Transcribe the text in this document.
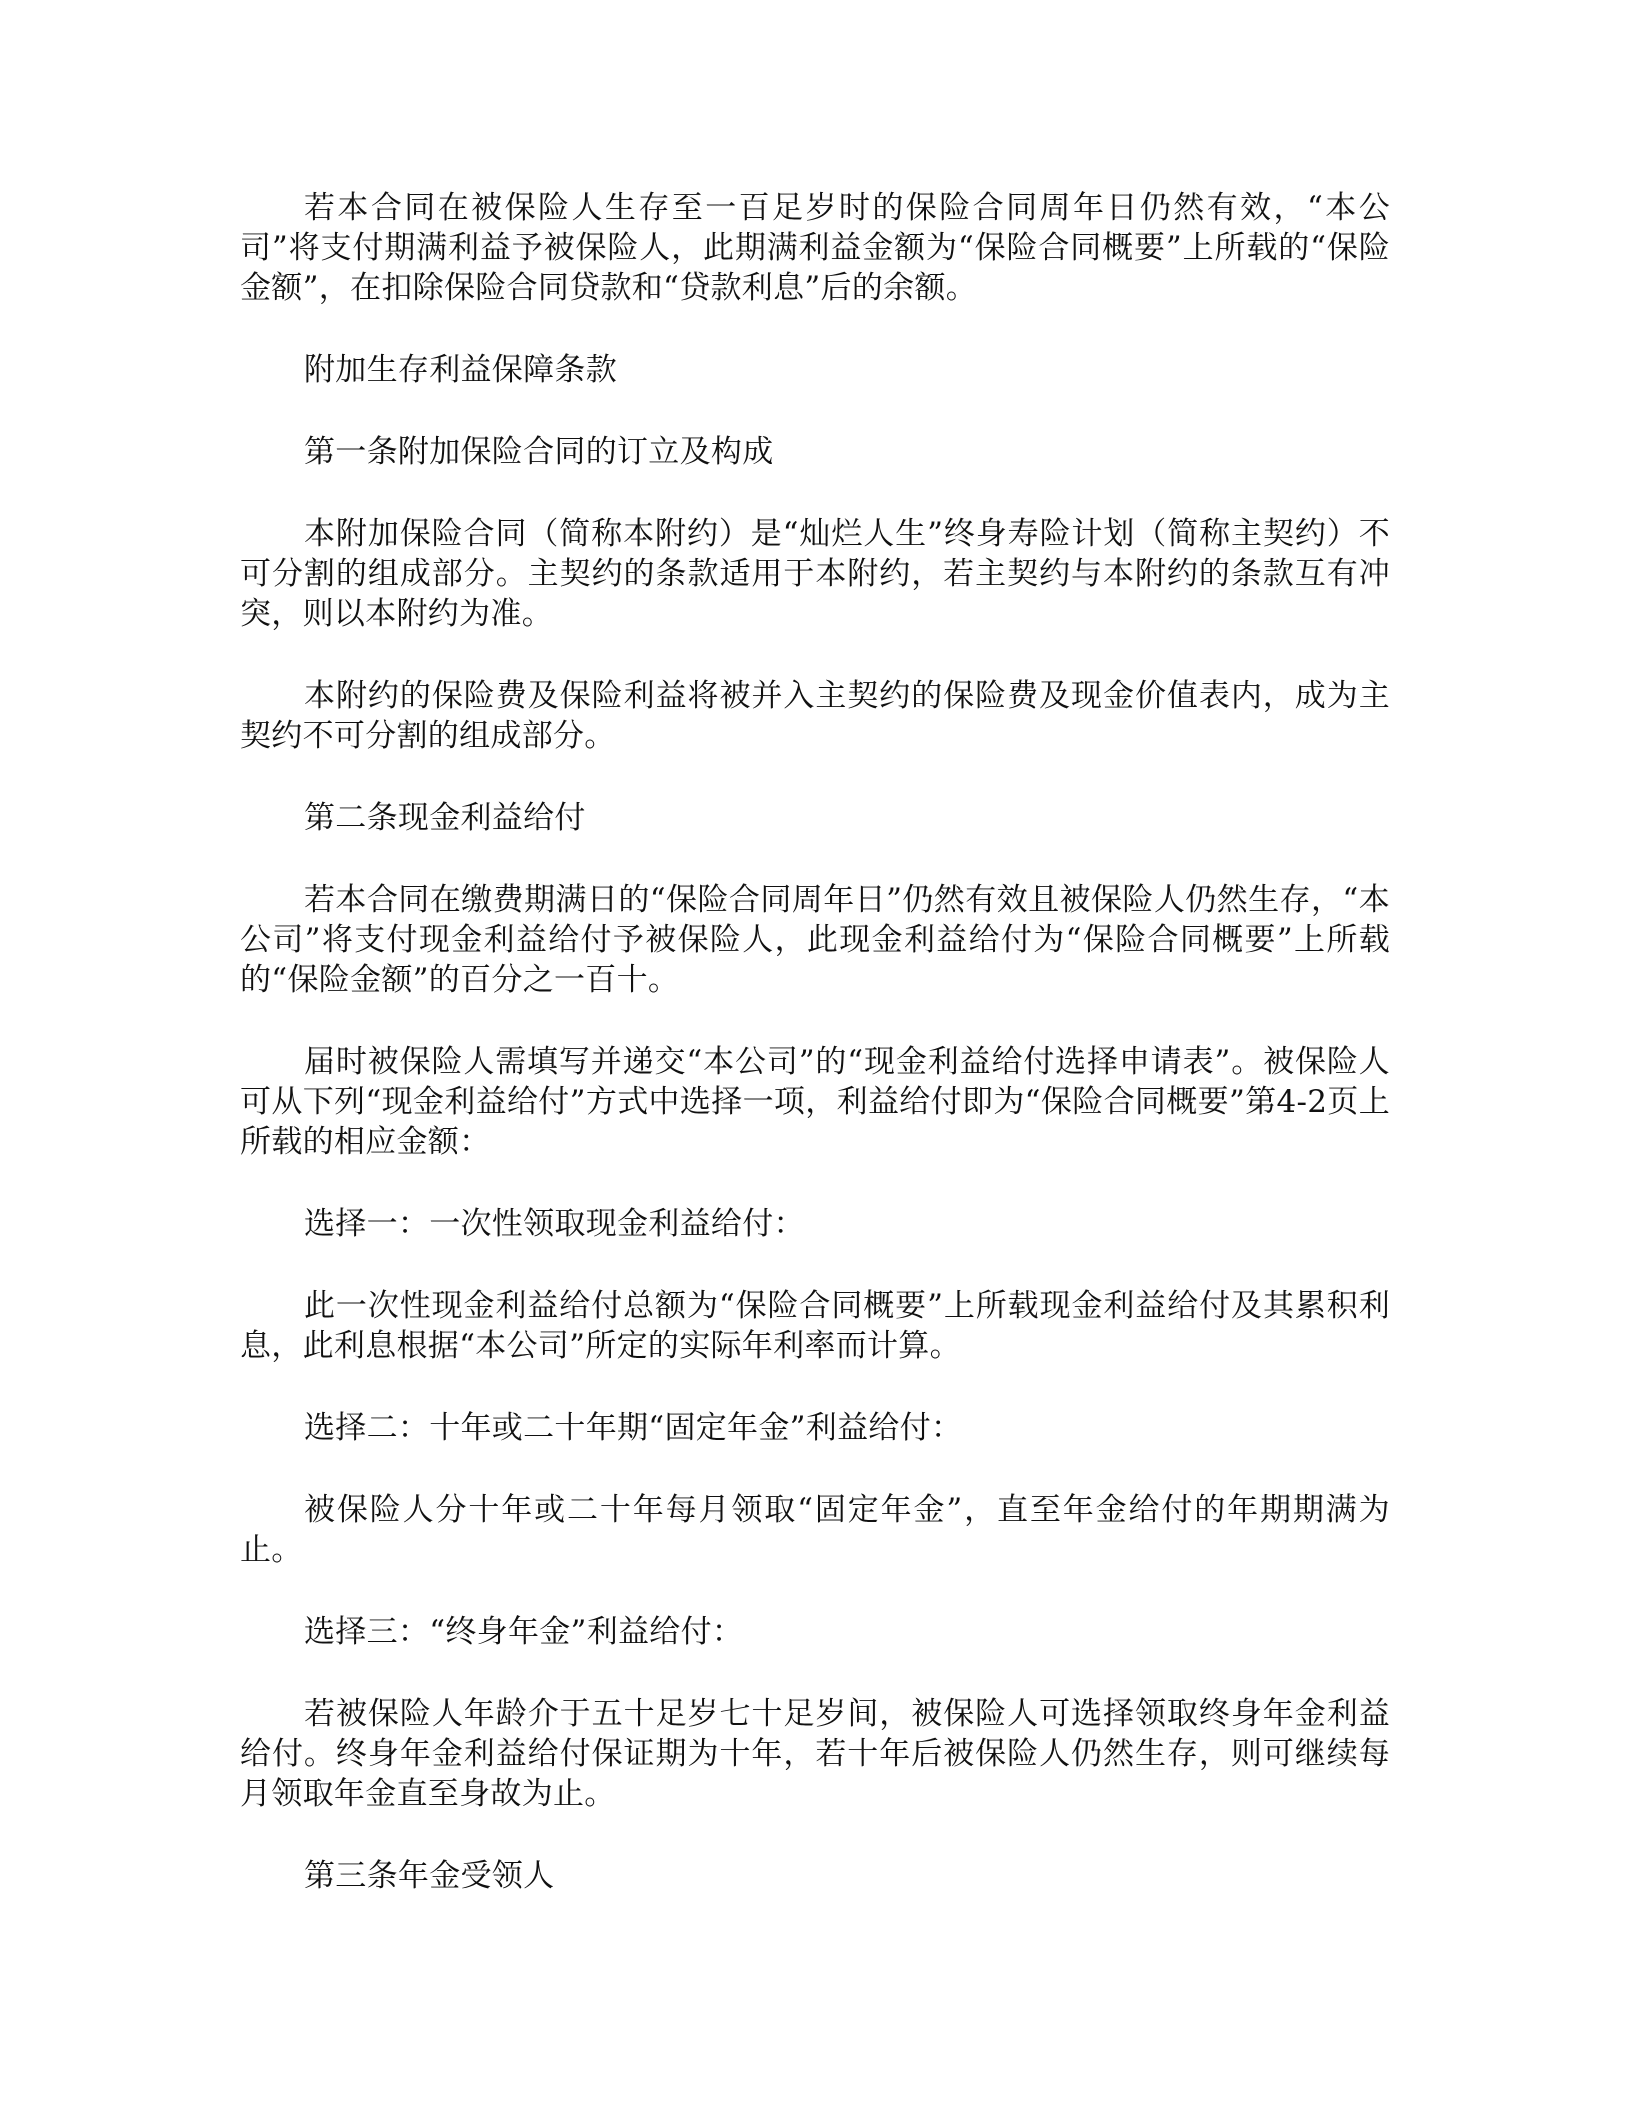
若本合同在被保险人生存至一百足岁时的保险合同周年日仍然有效，“本公司”将支付期满利益予被保险人，此期满利益金额为“保险合同概要”上所载的“保险金额”，在扣除保险合同贷款和“贷款利息”后的余额。

附加生存利益保障条款

第一条附加保险合同的订立及构成

本附加保险合同（简称本附约）是“灿烂人生”终身寿险计划（简称主契约）不可分割的组成部分。主契约的条款适用于本附约，若主契约与本附约的条款互有冲突，则以本附约为准。

本附约的保险费及保险利益将被并入主契约的保险费及现金价值表内，成为主契约不可分割的组成部分。

第二条现金利益给付

若本合同在缴费期满日的“保险合同周年日”仍然有效且被保险人仍然生存，“本公司”将支付现金利益给付予被保险人，此现金利益给付为“保险合同概要”上所载的“保险金额”的百分之一百十。

届时被保险人需填写并递交“本公司”的“现金利益给付选择申请表”。被保险人可从下列“现金利益给付”方式中选择一项，利益给付即为“保险合同概要”第4-2页上所载的相应金额：

选择一：一次性领取现金利益给付：

此一次性现金利益给付总额为“保险合同概要”上所载现金利益给付及其累积利息，此利息根据“本公司”所定的实际年利率而计算。

选择二：十年或二十年期“固定年金”利益给付：

被保险人分十年或二十年每月领取“固定年金”，直至年金给付的年期期满为止。

选择三：“终身年金”利益给付：

若被保险人年龄介于五十足岁七十足岁间，被保险人可选择领取终身年金利益给付。终身年金利益给付保证期为十年，若十年后被保险人仍然生存，则可继续每月领取年金直至身故为止。

第三条年金受领人
